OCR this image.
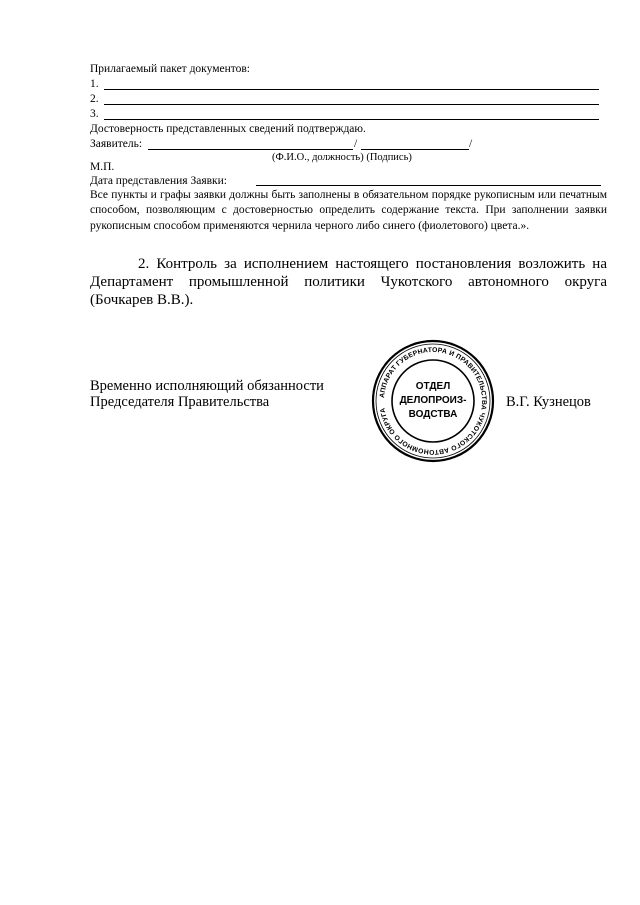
Прилагаемый пакет документов:
1.
2.
3.
Достоверность представленных сведений подтверждаю.
Заявитель:	/	/
(Ф.И.О., должность) (Подпись)
М.П.
Дата представления Заявки:
Все пункты и графы заявки должны быть заполнены в обязательном порядке рукописным или печатным способом, позволяющим с достоверностью определить содержание текста. При заполнении заявки рукописным способом применяются чернила черного либо синего (фиолетового) цвета.».
2. Контроль за исполнением настоящего постановления возложить на Департамент промышленной политики Чукотского автономного округа (Бочкарев В.В.).
Временно исполняющий обязанности
Председателя Правительства	В.Г. Кузнецов
АППАРАТ ГУБЕРНАТОРА И ПРАВИТЕЛЬСТВА ЧУКОТСКОГО АВТОНОМНОГО ОКРУГА
ОТДЕЛ
ДЕЛОПРОИЗ-
ВОДСТВА
